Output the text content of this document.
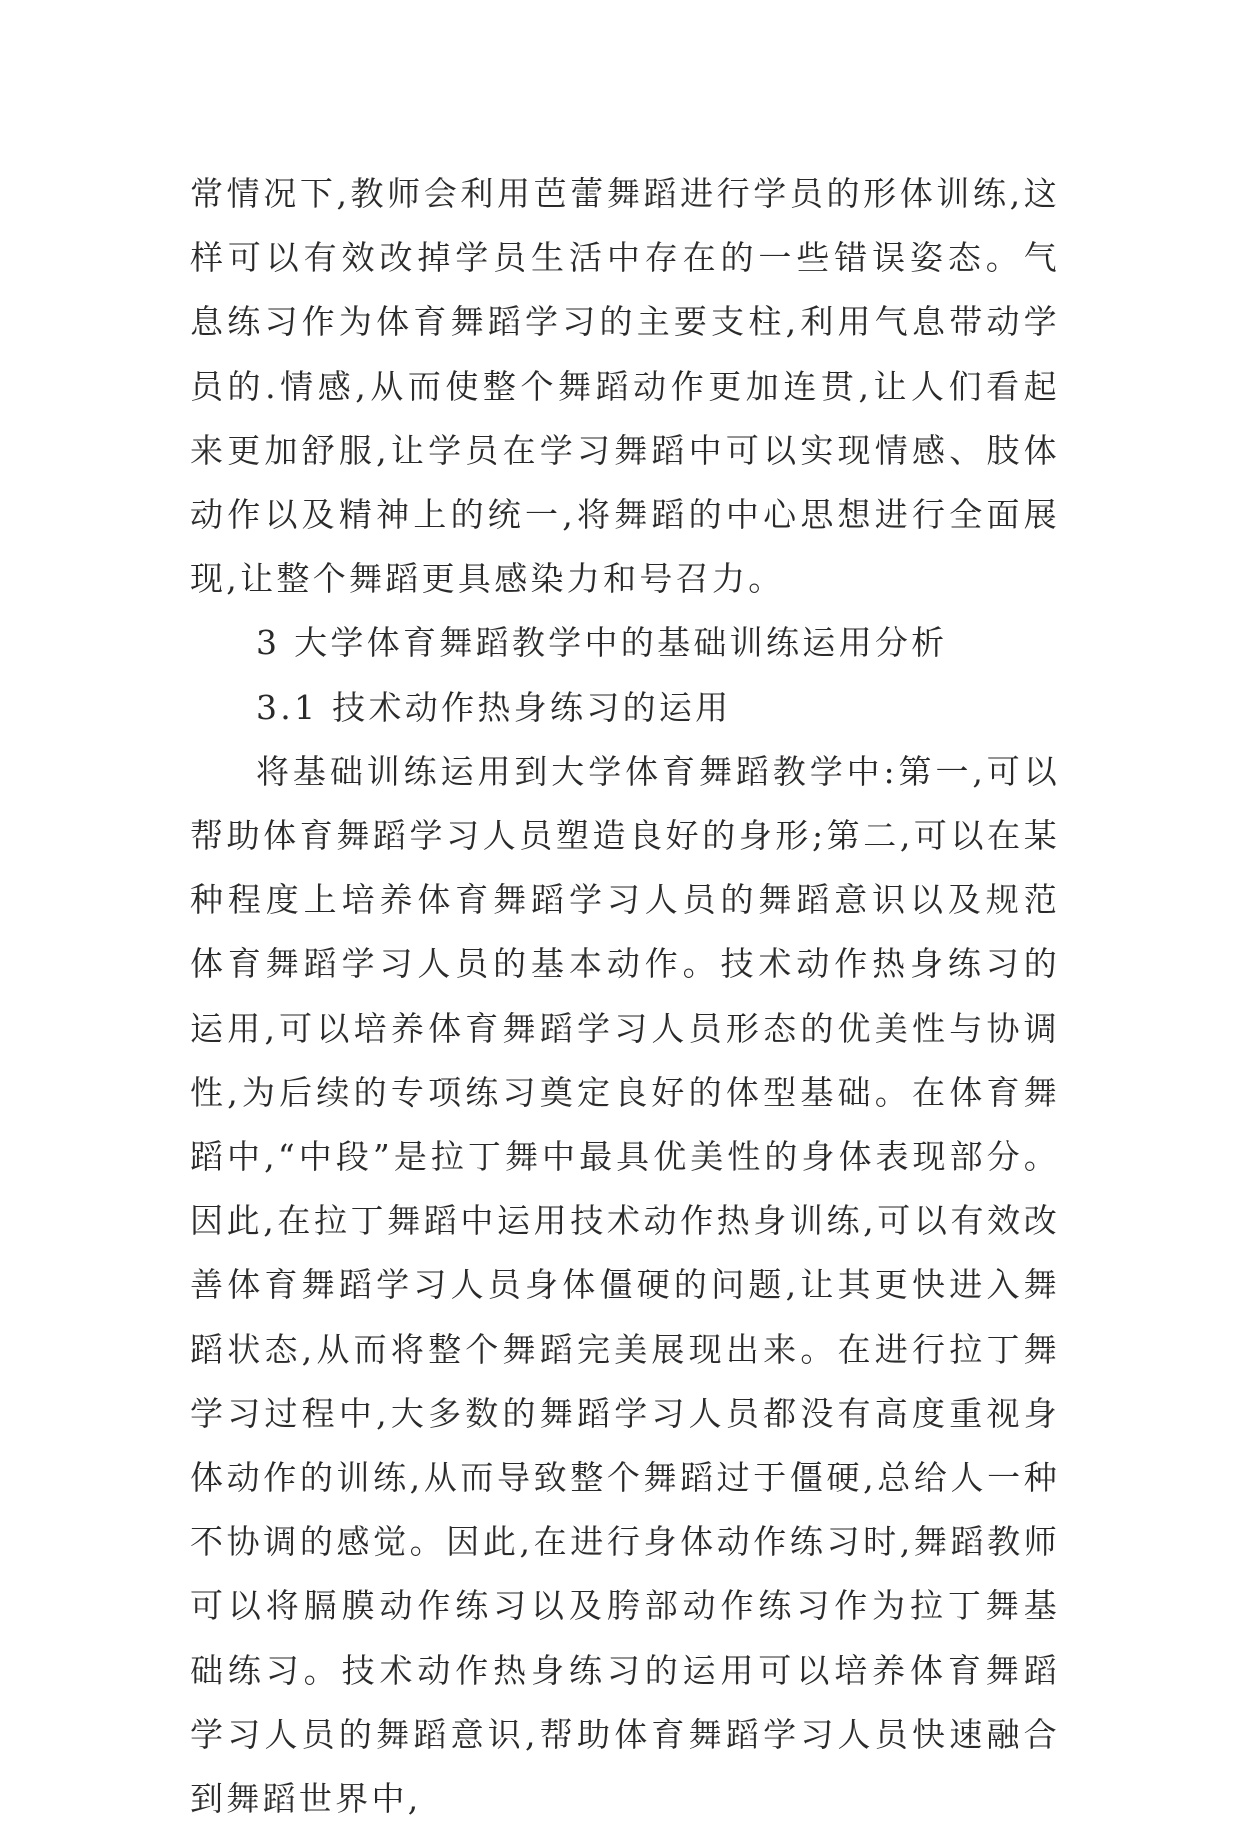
常情况下,教师会利用芭蕾舞蹈进行学员的形体训练,这样可以有效改掉学员生活中存在的一些错误姿态。气息练习作为体育舞蹈学习的主要支柱,利用气息带动学员的.情感,从而使整个舞蹈动作更加连贯,让人们看起来更加舒服,让学员在学习舞蹈中可以实现情感、肢体动作以及精神上的统一,将舞蹈的中心思想进行全面展现,让整个舞蹈更具感染力和号召力。

3 大学体育舞蹈教学中的基础训练运用分析

3.1 技术动作热身练习的运用

将基础训练运用到大学体育舞蹈教学中:第一,可以帮助体育舞蹈学习人员塑造良好的身形;第二,可以在某种程度上培养体育舞蹈学习人员的舞蹈意识以及规范体育舞蹈学习人员的基本动作。技术动作热身练习的运用,可以培养体育舞蹈学习人员形态的优美性与协调性,为后续的专项练习奠定良好的体型基础。在体育舞蹈中,“中段”是拉丁舞中最具优美性的身体表现部分。因此,在拉丁舞蹈中运用技术动作热身训练,可以有效改善体育舞蹈学习人员身体僵硬的问题,让其更快进入舞蹈状态,从而将整个舞蹈完美展现出来。在进行拉丁舞学习过程中,大多数的舞蹈学习人员都没有高度重视身体动作的训练,从而导致整个舞蹈过于僵硬,总给人一种不协调的感觉。因此,在进行身体动作练习时,舞蹈教师可以将膈膜动作练习以及胯部动作练习作为拉丁舞基础练习。技术动作热身练习的运用可以培养体育舞蹈学习人员的舞蹈意识,帮助体育舞蹈学习人员快速融合到舞蹈世界中,
